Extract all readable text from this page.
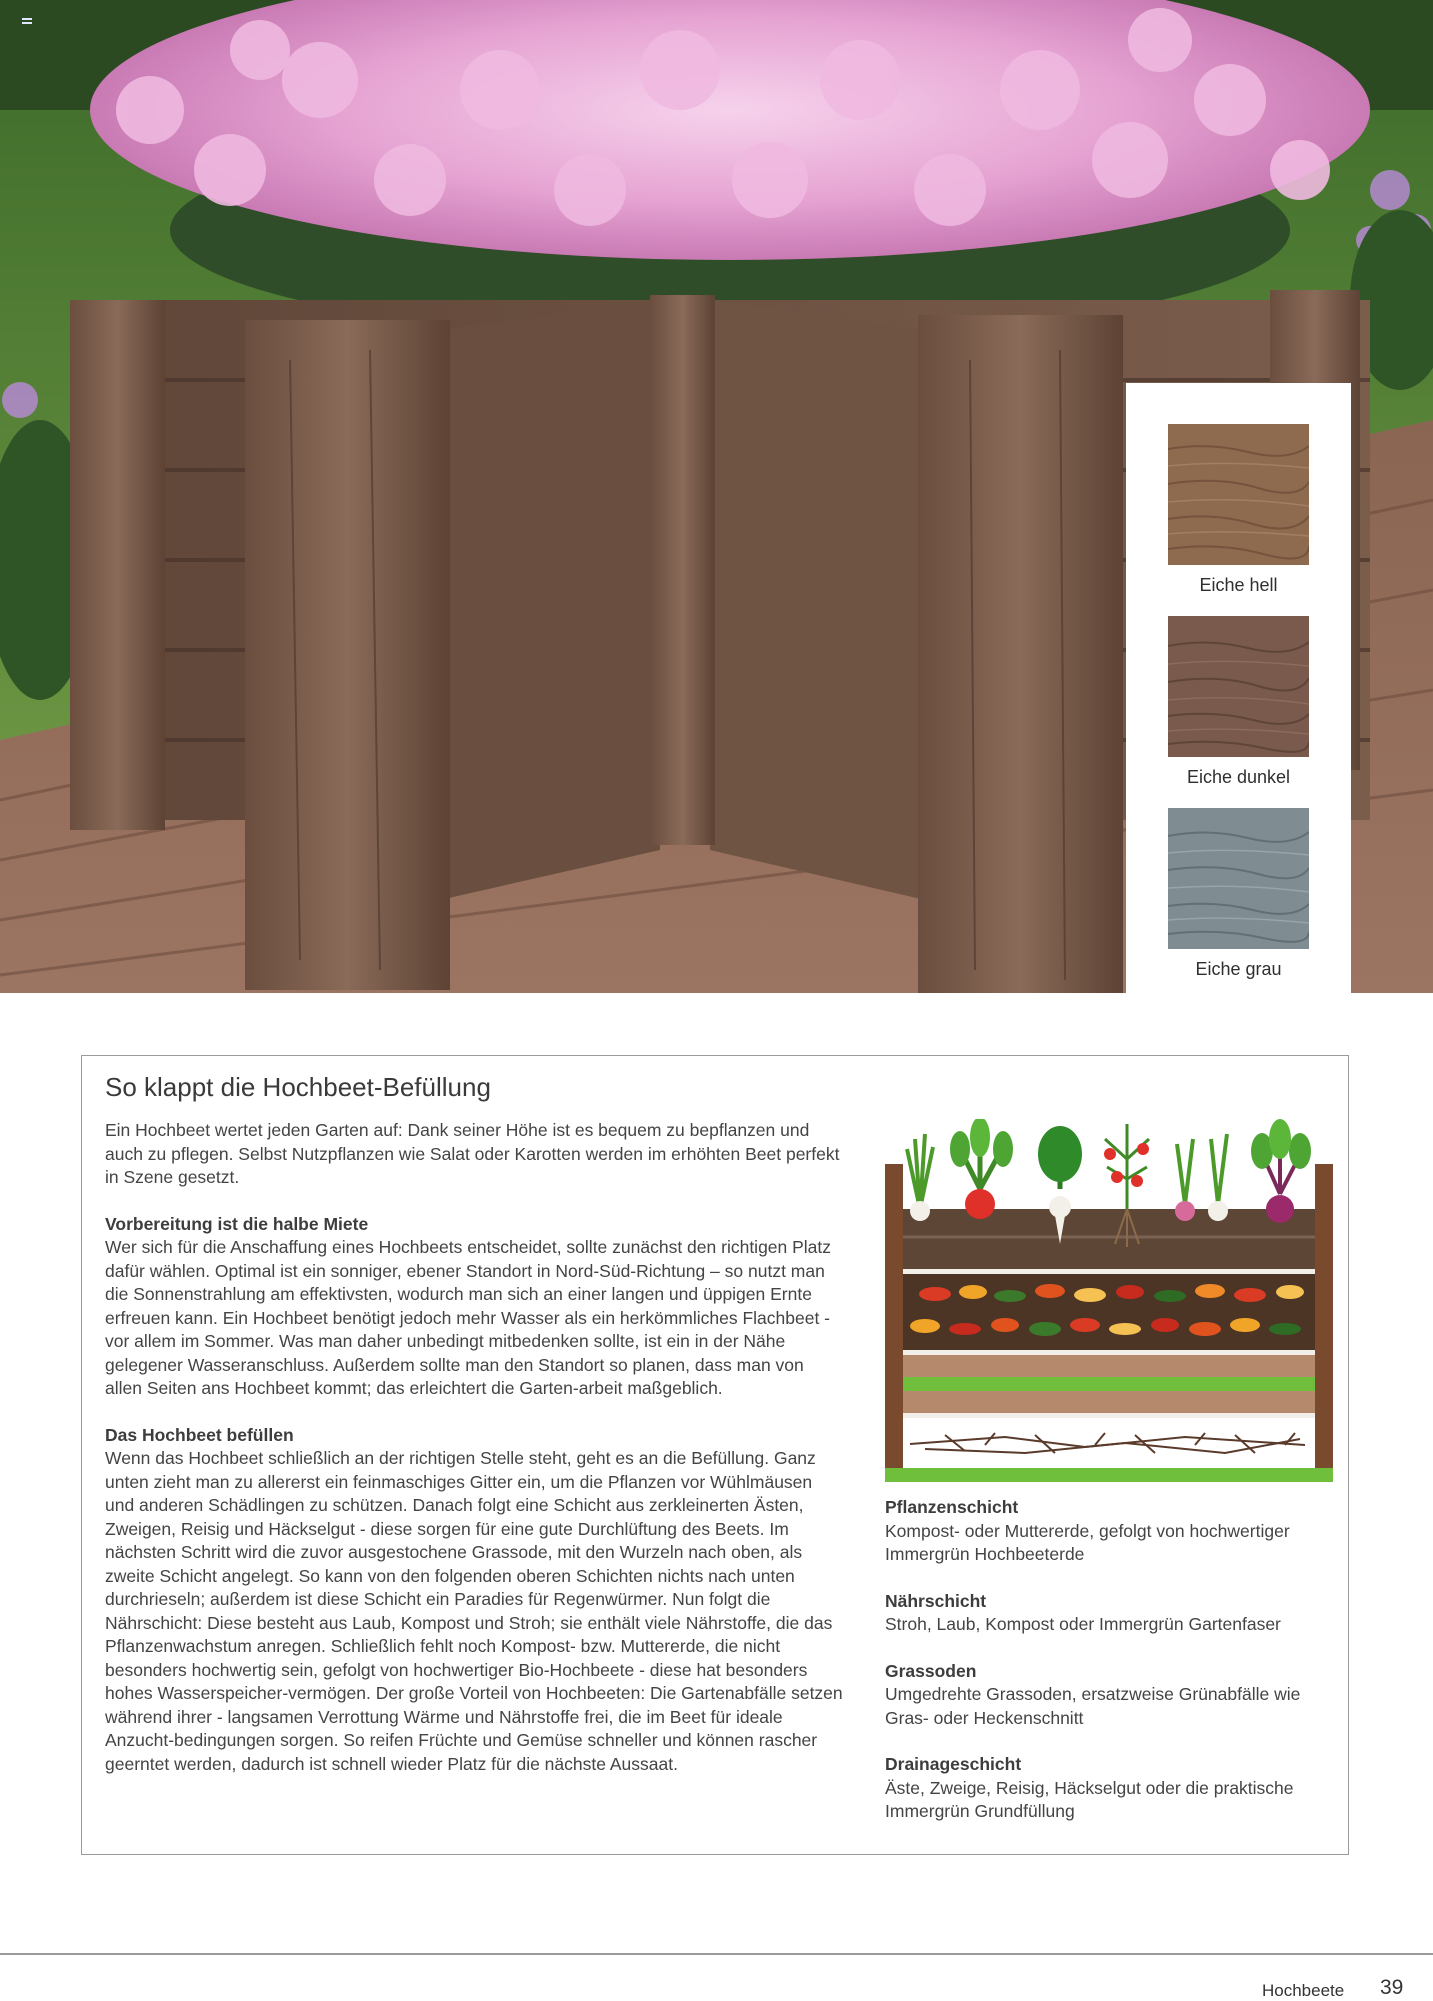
Eiche hell
Eiche dunkel
Eiche grau
So klappt die Hochbeet-Befüllung

Ein Hochbeet wertet jeden Garten auf: Dank seiner Höhe ist es bequem zu bepflanzen und auch zu pflegen. Selbst Nutzpflanzen wie Salat oder Karotten werden im erhöhten Beet perfekt in Szene gesetzt.

Vorbereitung ist die halbe Miete
Wer sich für die Anschaffung eines Hochbeets entscheidet, sollte zunächst den richtigen Platz dafür wählen. Optimal ist ein sonniger, ebener Standort in Nord-Süd-Richtung – so nutzt man die Sonnenstrahlung am effektivsten, wodurch man sich an einer langen und üppigen Ernte erfreuen kann. Ein Hochbeet benötigt jedoch mehr Wasser als ein herkömmliches Flachbeet - vor allem im Sommer. Was man daher unbedingt mitbedenken sollte, ist ein in der Nähe gelegener Wasseranschluss. Außerdem sollte man den Standort so planen, dass man von allen Seiten ans Hochbeet kommt; das erleichtert die Garten-arbeit maßgeblich.

Das Hochbeet befüllen
Wenn das Hochbeet schließlich an der richtigen Stelle steht, geht es an die Befüllung. Ganz unten zieht man zu allererst ein feinmaschiges Gitter ein, um die Pflanzen vor Wühlmäusen und anderen Schädlingen zu schützen. Danach folgt eine Schicht aus zerkleinerten Ästen, Zweigen, Reisig und Häckselgut - diese sorgen für eine gute Durchlüftung des Beets. Im nächsten Schritt wird die zuvor ausgestochene Grassode, mit den Wurzeln nach oben, als zweite Schicht angelegt. So kann von den folgenden oberen Schichten nichts nach unten durchrieseln; außerdem ist diese Schicht ein Paradies für Regenwürmer. Nun folgt die Nährschicht: Diese besteht aus Laub, Kompost und Stroh; sie enthält viele Nährstoffe, die das Pflanzenwachstum anregen. Schließlich fehlt noch Kompost- bzw. Muttererde, die nicht besonders hochwertig sein, gefolgt von hochwertiger Bio-Hochbeete - diese hat besonders hohes Wasserspeicher-vermögen. Der große Vorteil von Hochbeeten: Die Gartenabfälle setzen während ihrer - langsamen Verrottung Wärme und Nährstoffe frei, die im Beet für ideale Anzucht-bedingungen sorgen. So reifen Früchte und Gemüse schneller und können rascher geerntet werden, dadurch ist schnell wieder Platz für die nächste Aussaat.

Pflanzenschicht
Kompost- oder Muttererde, gefolgt von hochwertiger Immergrün Hochbeeterde
Nährschicht
Stroh, Laub, Kompost oder Immergrün Gartenfaser
Grassoden
Umgedrehte Grassoden, ersatzweise Grünabfälle wie Gras- oder Heckenschnitt
Drainageschicht
Äste, Zweige, Reisig, Häckselgut oder die praktische Immergrün Grundfüllung
Hochbeete 39
